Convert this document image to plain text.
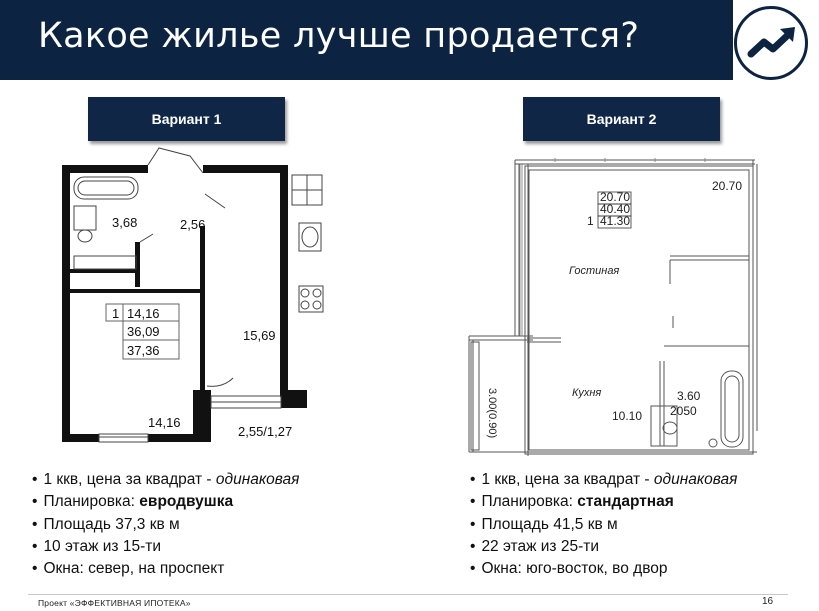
Какое жилье лучше продается?
Вариант 1	Вариант 2
1 14,16
36,09
37,36
3,68	2,56
15,69
14,16
2,55/1,27
1
20.70
40.40
41.30
20.70
Гостиная
Кухня
10.10
3.60
2050
3.00(0.90)
• 1 ккв, цена за квадрат - одинаковая
• Планировка: евродвушка
• Площадь 37,3 кв м
• 10 этаж из 15-ти
• Окна: север, на проспект
• 1 ккв, цена за квадрат - одинаковая
• Планировка: стандартная
• Площадь 41,5 кв м
• 22 этаж из 25-ти
• Окна: юго-восток, во двор
Проект «ЭФФЕКТИВНАЯ ИПОТЕКА»	16
